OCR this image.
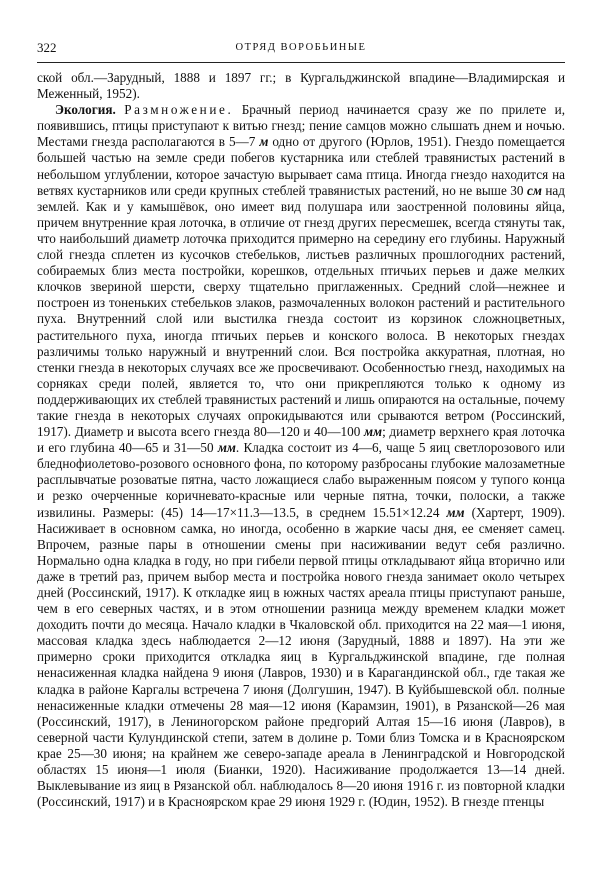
322	ОТРЯД ВОРОБЬИНЫЕ

ской обл.—Зарудный, 1888 и 1897 гг.; в Кургальджинской впадине—Владимирская и Меженный, 1952).

Экология. Размножение. Брачный период начинается сразу же по прилете и, появившись, птицы приступают к витью гнезд; пение самцов можно слышать днем и ночью. Местами гнезда располагаются в 5—7 м одно от другого (Юрлов, 1951). Гнездо помещается большей частью на земле среди побегов кустарника или стеблей травянистых растений в небольшом углублении, которое зачастую вырывает сама птица. Иногда гнездо находится на ветвях кустарников или среди крупных стеблей травянистых растений, но не выше 30 см над землей. Как и у камышёвок, оно имеет вид полушара или заостренной половины яйца, причем внутренние края лоточка, в отличие от гнезд других пересмешек, всегда стянуты так, что наибольший диаметр лоточка приходится примерно на середину его глубины. Наружный слой гнезда сплетен из кусочков стебельков, листьев различных прошлогодних растений, собираемых близ места постройки, корешков, отдельных птичьих перьев и даже мелких клочков звериной шерсти, сверху тщательно приглаженных. Средний слой—нежнее и построен из тоненьких стебельков злаков, размочаленных волокон растений и растительного пуха. Внутренний слой или выстилка гнезда состоит из корзинок сложноцветных, растительного пуха, иногда птичьих перьев и конского волоса. В некоторых гнездах различимы только наружный и внутренний слои. Вся постройка аккуратная, плотная, но стенки гнезда в некоторых случаях все же просвечивают. Особенностью гнезд, находимых на сорняках среди полей, является то, что они прикрепляются только к одному из поддерживающих их стеблей травянистых растений и лишь опираются на остальные, почему такие гнезда в некоторых случаях опрокидываются или срываются ветром (Россинский, 1917). Диаметр и высота всего гнезда 80—120 и 40—100 мм; диаметр верхнего края лоточка и его глубина 40—65 и 31—50 мм. Кладка состоит из 4—6, чаще 5 яиц светлорозового или бледнофиолетово-розового основного фона, по которому разбросаны глубокие малозаметные расплывчатые розоватые пятна, часто ложащиеся слабо выраженным поясом у тупого конца и резко очерченные коричневато-красные или черные пятна, точки, полоски, а также извилины. Размеры: (45) 14—17×11.3—13.5, в среднем 15.51×12.24 мм (Хартерт, 1909). Насиживает в основном самка, но иногда, особенно в жаркие часы дня, ее сменяет самец. Впрочем, разные пары в отношении смены при насиживании ведут себя различно. Нормально одна кладка в году, но при гибели первой птицы откладывают яйца вторично или даже в третий раз, причем выбор места и постройка нового гнезда занимает около четырех дней (Россинский, 1917). К откладке яиц в южных частях ареала птицы приступают раньше, чем в его северных частях, и в этом отношении разница между временем кладки может доходить почти до месяца. Начало кладки в Чкаловской обл. приходится на 22 мая—1 июня, массовая кладка здесь наблюдается 2—12 июня (Зарудный, 1888 и 1897). На эти же примерно сроки приходится откладка яиц в Кургальджинской впадине, где полная ненасиженная кладка найдена 9 июня (Лавров, 1930) и в Карагандинской обл., где такая же кладка в районе Каргалы встречена 7 июня (Долгушин, 1947). В Куйбышевской обл. полные ненасиженные кладки отмечены 28 мая—12 июня (Карамзин, 1901), в Рязанской—26 мая (Россинский, 1917), в Лениногорском районе предгорий Алтая 15—16 июня (Лавров), в северной части Кулундинской степи, затем в долине р. Томи близ Томска и в Красноярском крае 25—30 июня; на крайнем же северо-западе ареала в Ленинградской и Новгородской областях 15 июня—1 июля (Бианки, 1920). Насиживание продолжается 13—14 дней. Выклевывание из яиц в Рязанской обл. наблюдалось 8—20 июня 1916 г. из повторной кладки (Россинский, 1917) и в Красноярском крае 29 июня 1929 г. (Юдин, 1952). В гнезде птенцы
